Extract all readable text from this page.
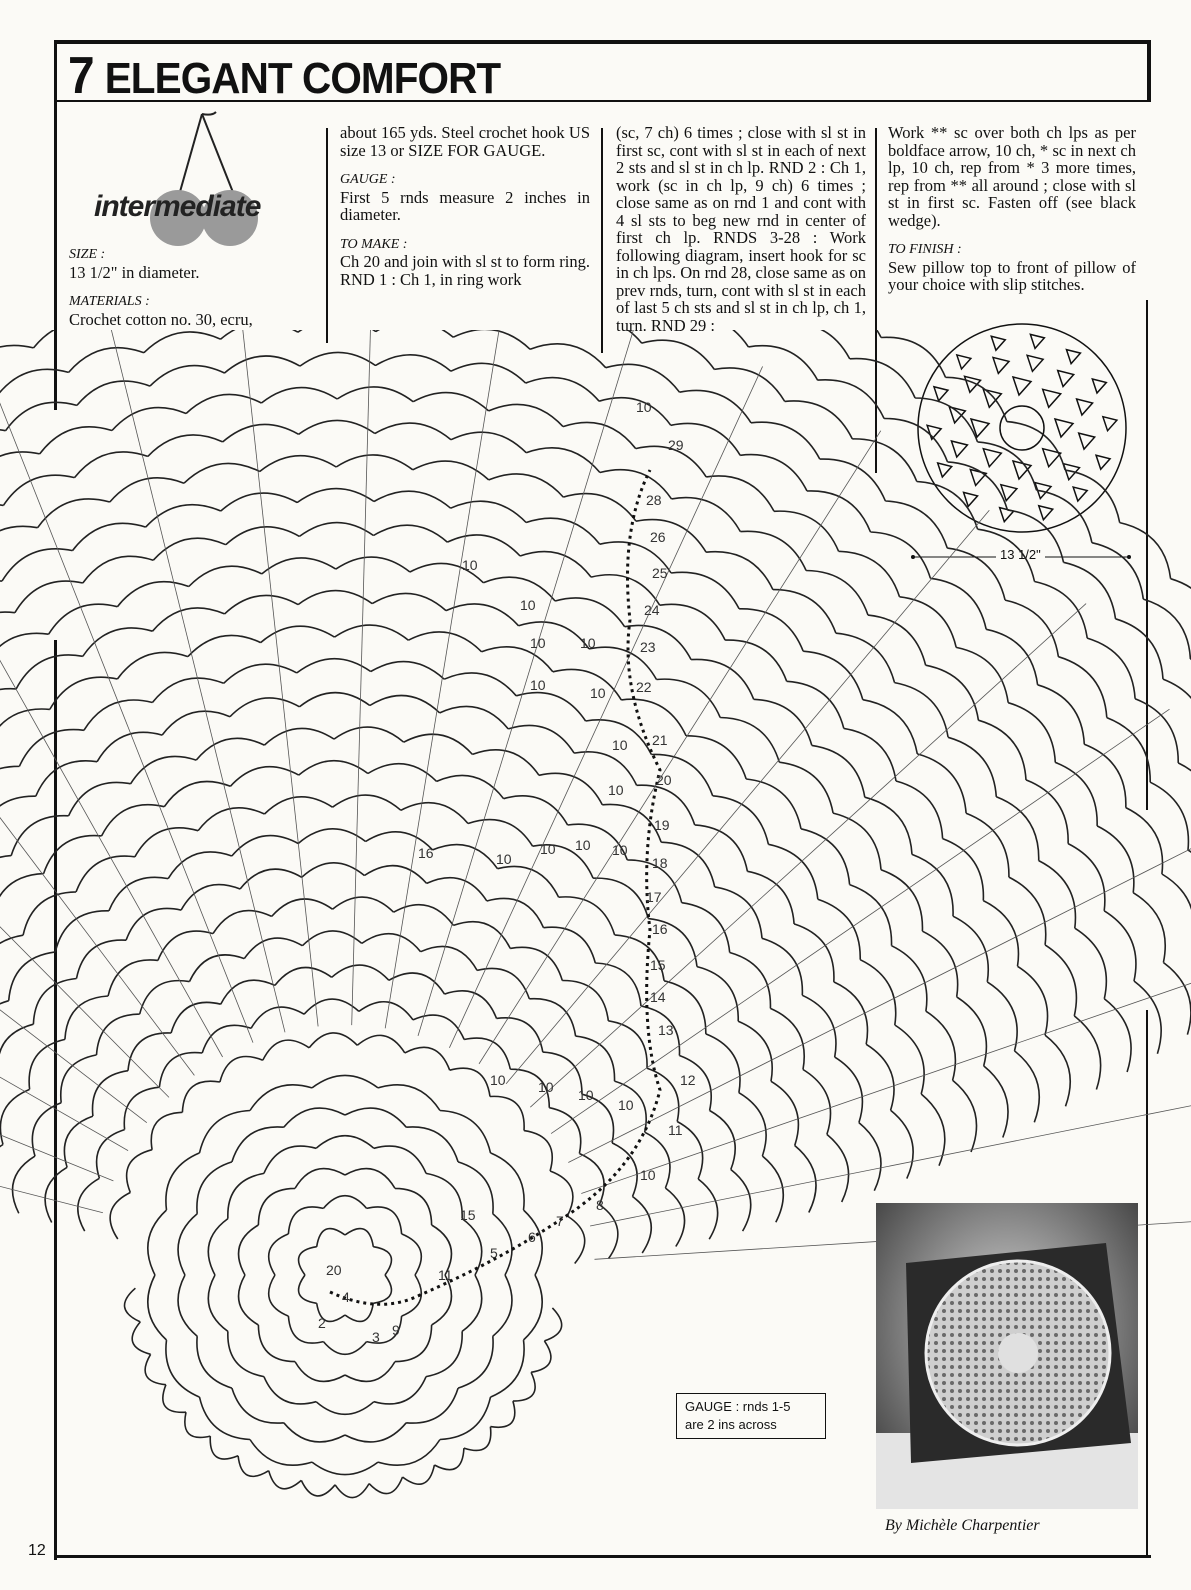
7 ELEGANT COMFORT
intermediate

SIZE :

13 1/2" in diameter.

MATERIALS :

Crochet cotton no. 30, ecru,

about 165 yds. Steel crochet hook US size 13 or SIZE FOR GAUGE.

GAUGE :

First 5 rnds measure 2 inches in diameter.

TO MAKE :

Ch 20 and join with sl st to form ring. RND 1 : Ch 1, in ring work

(sc, 7 ch) 6 times ; close with sl st in first sc, cont with sl st in each of next 2 sts and sl st in ch lp. RND 2 : Ch 1, work (sc in ch lp, 9 ch) 6 times ; close same as on rnd 1 and cont with 4 sl sts to beg new rnd in center of first ch lp. RNDS 3-28 : Work following diagram, insert hook for sc in ch lps. On rnd 28, close same as on prev rnds, turn, cont with sl st in each of last 5 ch sts and sl st in ch lp, ch 1, turn. RND 29 :

Work ** sc over both ch lps as per boldface arrow, 10 ch, * sc in next ch lp, 10 ch, rep from * 3 more times, rep from ** all around ; close with sl st in first sc. Fasten off (see black wedge).

TO FINISH :

Sew pillow top to front of pillow of your choice with slip stitches.

13 1/2"
16	10
10 10 10
10 10 10
10
10
10
10 10
10
10
10
10
10
15
20
29
28
26
25
24
23
22
21
20
19
18
17
16
15
14
13
12
11
10
8
7
6
5
11
9
3
4
2
GAUGE : rnds 1-5
are 2 ins across
By Michèle Charpentier
12
